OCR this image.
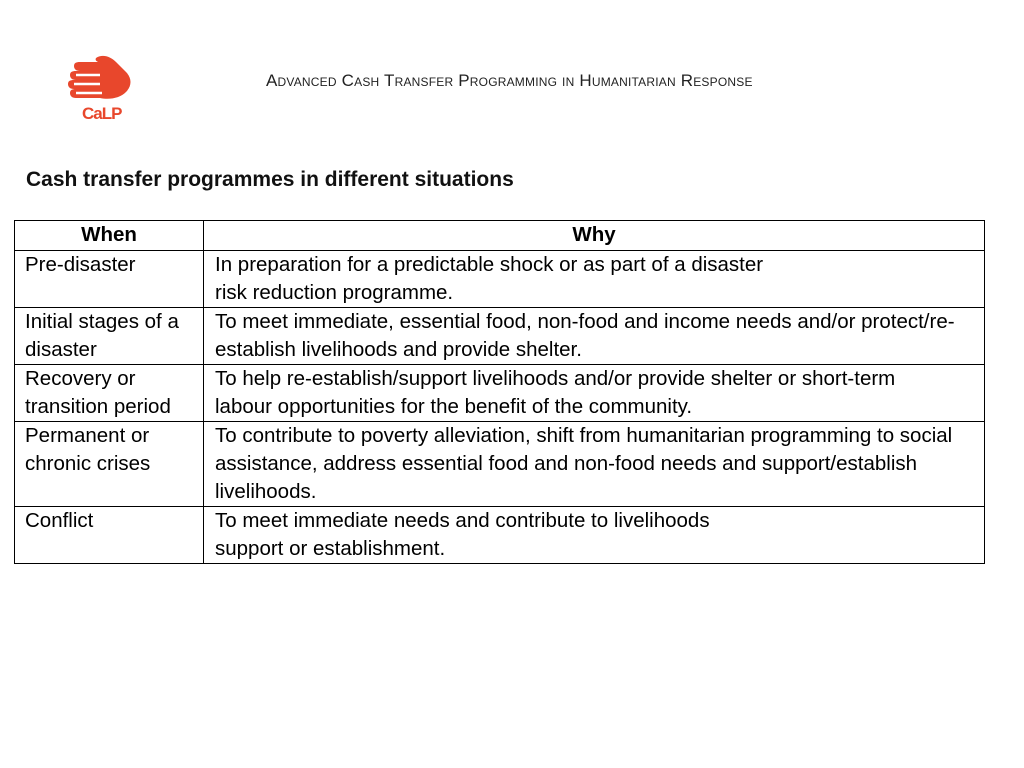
CaLP
Advanced Cash Transfer Programming in Humanitarian Response
Cash transfer programmes in different situations
When	Why

Pre-disaster	In preparation for a predictable shock or as part of a disaster
risk reduction programme.

Initial stages of a
disaster	To meet immediate, essential food, non-food and income needs and/or protect/re-
establish livelihoods and provide shelter.

Recovery or
transition period	To help re-establish/support livelihoods and/or provide shelter or short-term
labour opportunities for the benefit of the community.

Permanent or
chronic crises	To contribute to poverty alleviation, shift from humanitarian programming to social
assistance, address essential food and non-food needs and support/establish
livelihoods.

Conflict	To meet immediate needs and contribute to livelihoods
support or establishment.
